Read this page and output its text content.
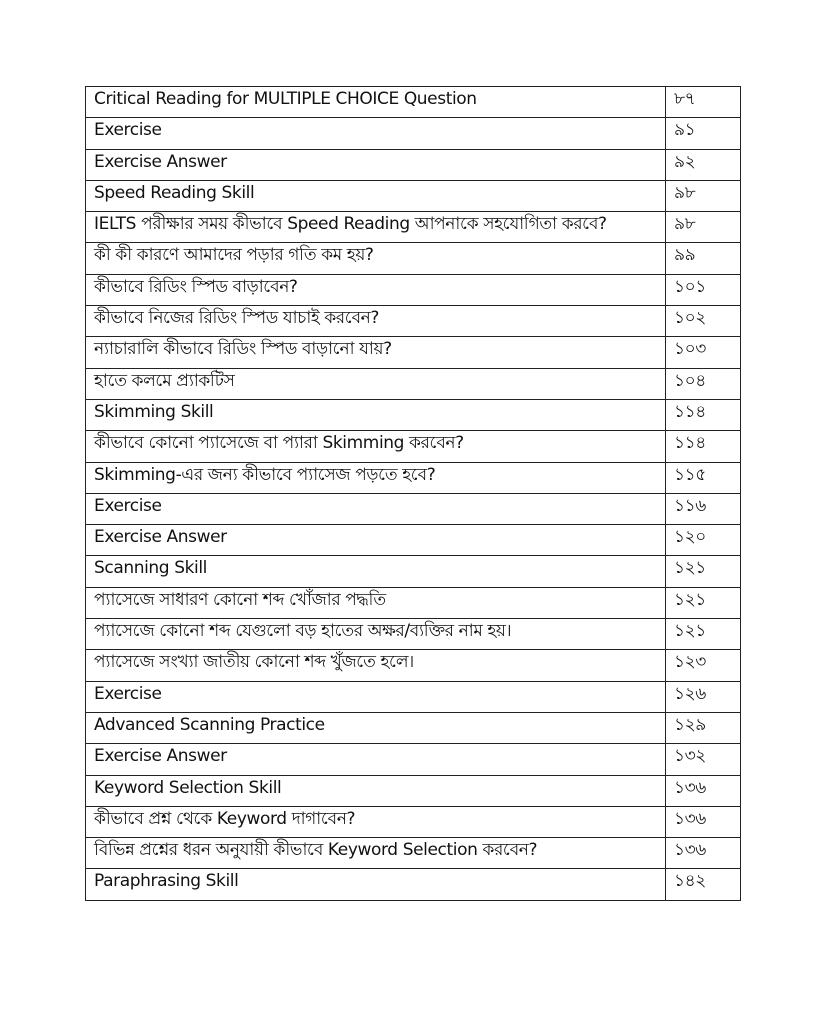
Critical Reading for MULTIPLE CHOICE Question	৮৭
Exercise	৯১
Exercise Answer	৯২
Speed Reading Skill	৯৮
IELTS পরীক্ষার সময় কীভাবে Speed Reading আপনাকে সহযোগিতা করবে?	৯৮
কী কী কারণে আমাদের পড়ার গতি কম হয়?	৯৯
কীভাবে রিডিং স্পিড বাড়াবেন?	১০১
কীভাবে নিজের রিডিং স্পিড যাচাই করবেন?	১০২
ন্যাচারালি কীভাবে রিডিং স্পিড বাড়ানো যায়?	১০৩
হাতে কলমে প্র্যাকটিস	১০৪
Skimming Skill	১১৪
কীভাবে কোনো প্যাসেজে বা প্যারা Skimming করবেন?	১১৪
Skimming-এর জন্য কীভাবে প্যাসেজ পড়তে হবে?	১১৫
Exercise	১১৬
Exercise Answer	১২০
Scanning Skill	১২১
প্যাসেজে সাধারণ কোনো শব্দ খোঁজার পদ্ধতি	১২১
প্যাসেজে কোনো শব্দ যেগুলো বড় হাতের অক্ষর/ব্যক্তির নাম হয়।	১২১
প্যাসেজে সংখ্যা জাতীয় কোনো শব্দ খুঁজতে হলে।	১২৩
Exercise	১২৬
Advanced Scanning Practice	১২৯
Exercise Answer	১৩২
Keyword Selection Skill	১৩৬
কীভাবে প্রশ্ন থেকে Keyword দাগাবেন?	১৩৬
বিভিন্ন প্রশ্নের ধরন অনুযায়ী কীভাবে Keyword Selection করবেন?	১৩৬
Paraphrasing Skill	১৪২
